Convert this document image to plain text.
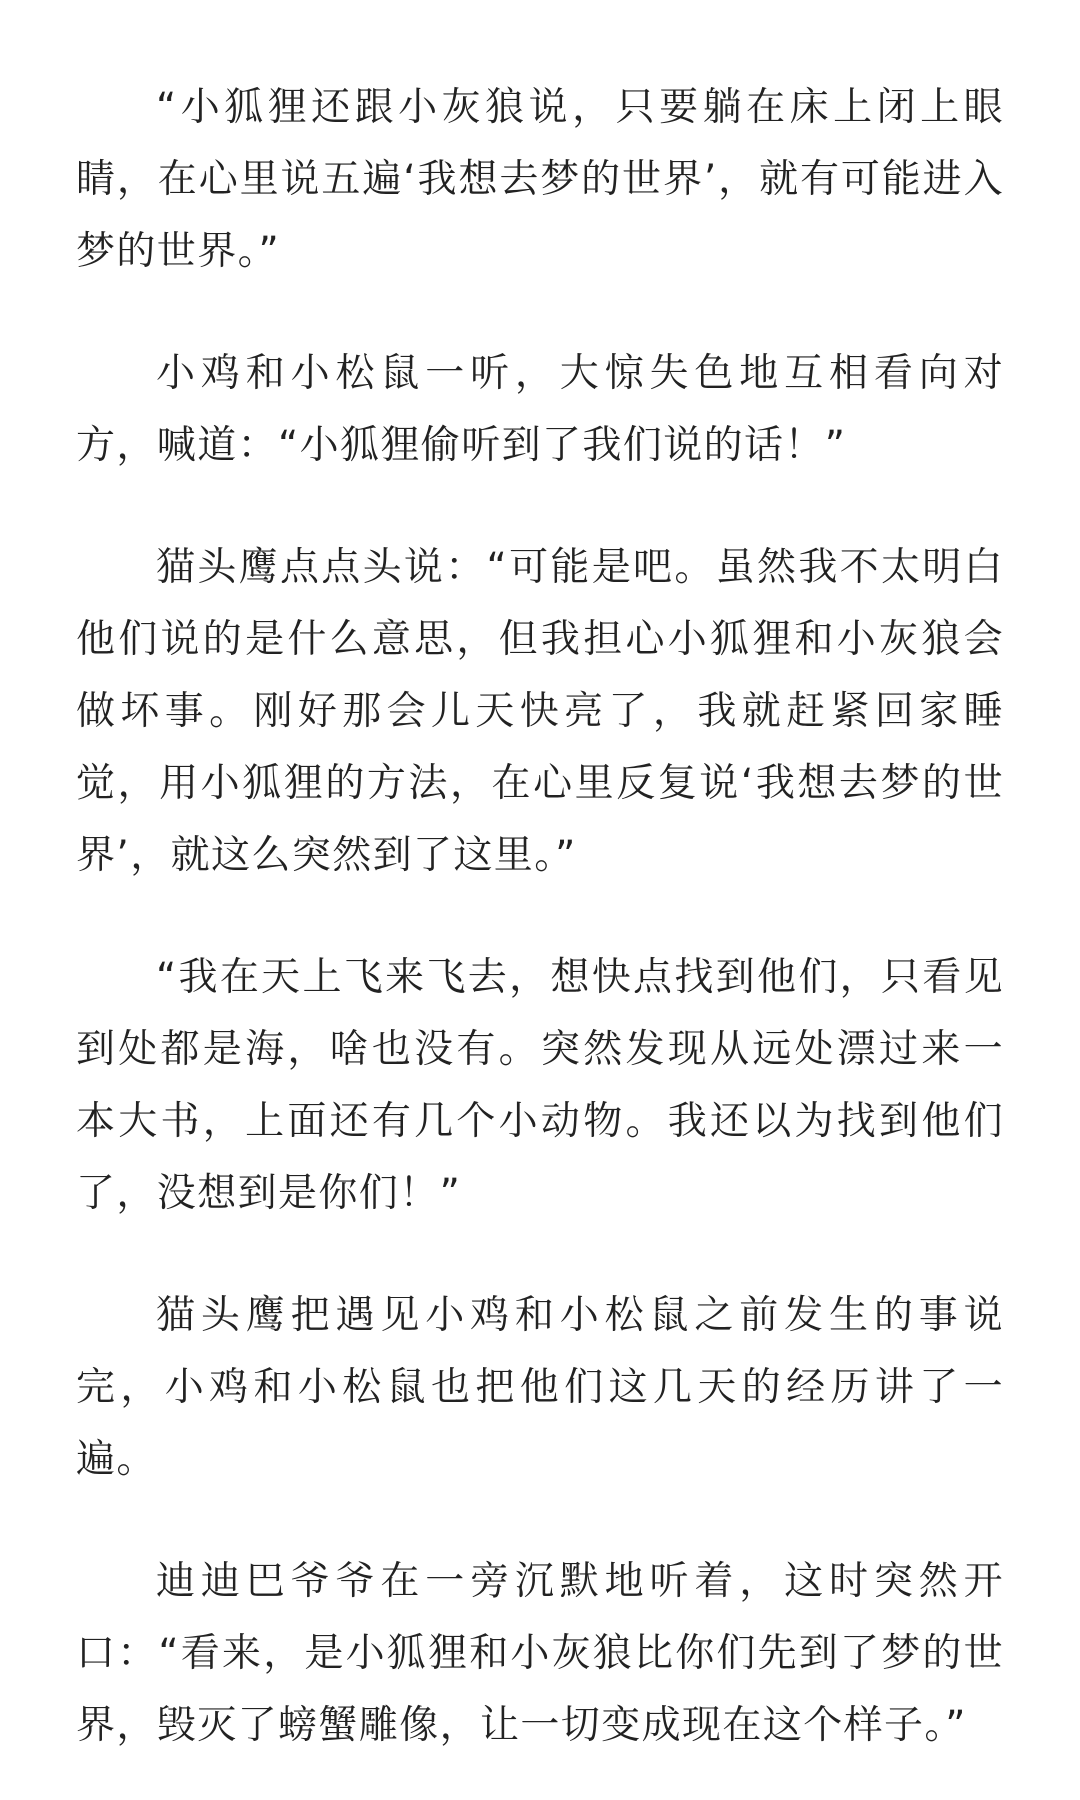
“小狐狸还跟小灰狼说，只要躺在床上闭上眼睛，在心里说五遍‘我想去梦的世界’，就有可能进入梦的世界。”

小鸡和小松鼠一听，大惊失色地互相看向对方，喊道：“小狐狸偷听到了我们说的话！”

猫头鹰点点头说：“可能是吧。虽然我不太明白他们说的是什么意思，但我担心小狐狸和小灰狼会做坏事。刚好那会儿天快亮了，我就赶紧回家睡觉，用小狐狸的方法，在心里反复说‘我想去梦的世界’，就这么突然到了这里。”

“我在天上飞来飞去，想快点找到他们，只看见到处都是海，啥也没有。突然发现从远处漂过来一本大书，上面还有几个小动物。我还以为找到他们了，没想到是你们！”

猫头鹰把遇见小鸡和小松鼠之前发生的事说完，小鸡和小松鼠也把他们这几天的经历讲了一遍。

迪迪巴爷爷在一旁沉默地听着，这时突然开口：“看来，是小狐狸和小灰狼比你们先到了梦的世界，毁灭了螃蟹雕像，让一切变成现在这个样子。”
